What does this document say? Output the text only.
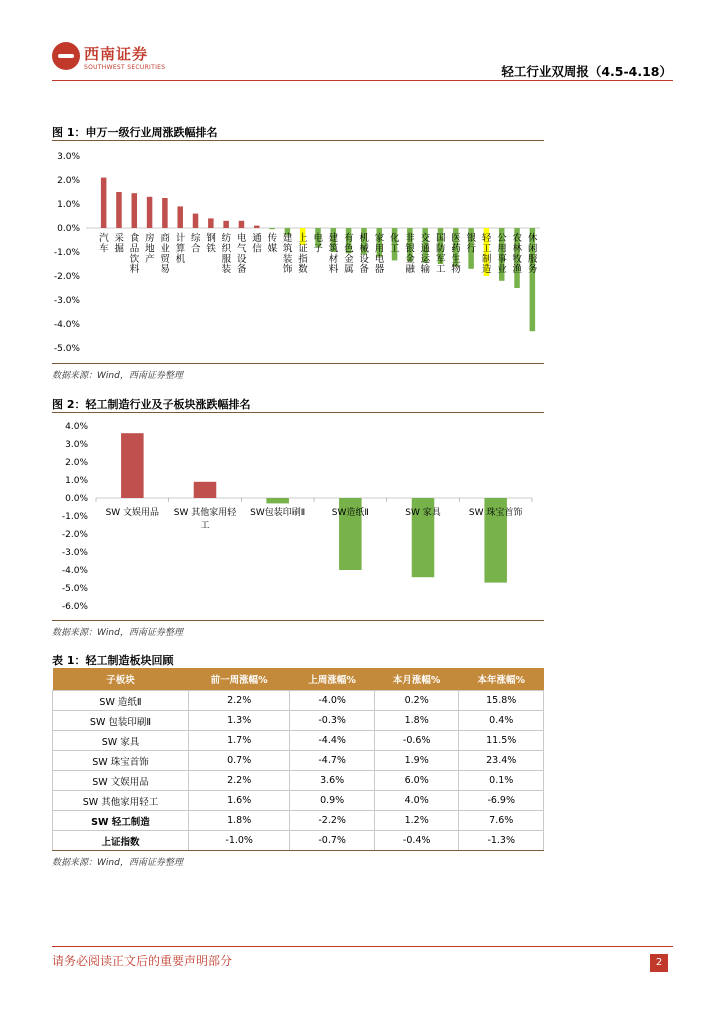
西南证券
SOUTHWEST SECURITIES	轻工行业双周报（4.5-4.18）
图 1：申万一级行业周涨跌幅排名
3.0%
2.0%
1.0%
0.0%
-1.0%
-2.0%
-3.0%
-4.0%
-5.0%
汽车
采掘
食品饮料
房地产
商业贸易
计算机
综合
钢铁
纺织服装
电气设备
通信
传媒
建筑装饰
上证指数
电子
建筑材料
有色金属
机械设备
家用电器
化工
非银金融
交通运输
国防军工
医药生物
银行
轻工制造
公用事业
农林牧渔
休闲服务
数据来源：Wind，西南证券整理
图 2：轻工制造行业及子板块涨跌幅排名
4.0%
3.0%
2.0%
1.0%
0.0%
-1.0%
-2.0%
-3.0%
-4.0%
-5.0%
-6.0%
SW 文娱用品 SW 其他家用轻工
SW包装印刷Ⅱ	SW造纸Ⅱ	SW 家具	SW 珠宝首饰
数据来源：Wind，西南证券整理
表 1：轻工制造板块回顾
子板块	前一周涨幅%	上周涨幅%	本月涨幅%	本年涨幅%
SW 造纸Ⅱ	2.2%	-4.0%	0.2%	15.8%
SW 包装印刷Ⅱ	1.3%	-0.3%	1.8%	0.4%
SW 家具	1.7%	-4.4%	-0.6%	11.5%
SW 珠宝首饰	0.7%	-4.7%	1.9%	23.4%
SW 文娱用品	2.2%	3.6%	6.0%	0.1%
SW 其他家用轻工	1.6%	0.9%	4.0%	-6.9%
SW 轻工制造	1.8%	-2.2%	1.2%	7.6%
上证指数	-1.0%	-0.7%	-0.4%	-1.3%
数据来源：Wind，西南证券整理
请务必阅读正文后的重要声明部分	2
